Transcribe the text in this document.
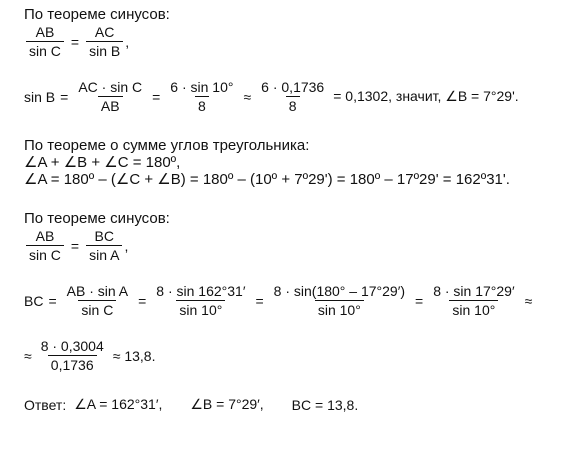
По теореме синусов:
$\frac{AB}{\text{sin C}} = \frac{AC}{\text{sin B}}$ ,
$\sin B = \frac{\text{AC · sin C}}{AB} = \frac{6 \cdot \sin 10^\circ}{8} \approx \frac{6 \cdot 0,1736}{8} = 0,1302$, значит, ∠B = 7°29'.
По теореме о сумме углов треугольника:
∠A + ∠B + ∠C = 180º,
∠A = 180º – (∠C + ∠B) = 180º – (10º + 7º29') = 180º – 17º29' = 162º31'.
По теореме синусов:
$\frac{AB}{\text{sin C}} = \frac{BC}{\text{sin A}}$ ,
BC = $\frac{\text{AB · sin A}}{\text{sin C}} = \frac{8 \cdot \sin 162^\circ 31'}{\sin 10^\circ} = \frac{8 \cdot \sin(180^\circ - 17^\circ 29')}{\sin 10^\circ} = \frac{8 \cdot \sin 17^\circ 29'}{\sin 10^\circ}$ ≈
≈ $\frac{8 \cdot 0,3004}{0,1736} \approx 13,8$.
Ответ: ∠A = 162°31′,	∠B = 7°29′,	BC = 13,8.
